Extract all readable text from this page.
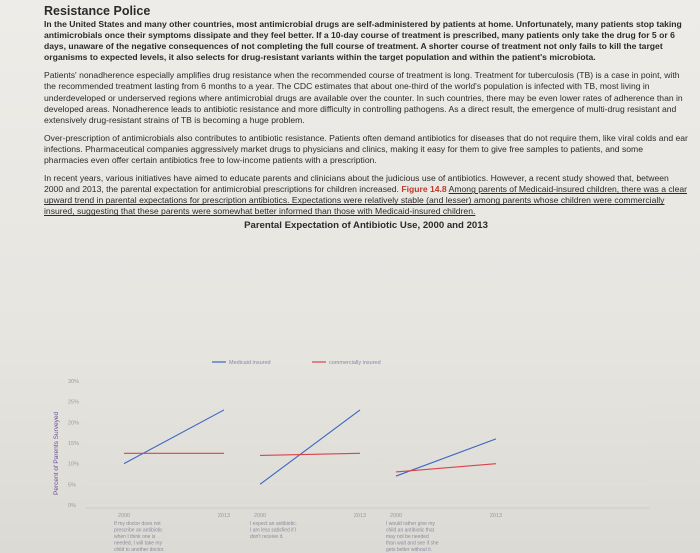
Resistance Police

In the United States and many other countries, most antimicrobial drugs are self-administered by patients at home. Unfortunately, many patients stop taking antimicrobials once their symptoms dissipate and they feel better. If a 10-day course of treatment is prescribed, many patients only take the drug for 5 or 6 days, unaware of the negative consequences of not completing the full course of treatment. A shorter course of treatment not only fails to kill the target organisms to expected levels, it also selects for drug-resistant variants within the target population and within the patient's microbiota.

Patients' nonadherence especially amplifies drug resistance when the recommended course of treatment is long. Treatment for tuberculosis (TB) is a case in point, with the recommended treatment lasting from 6 months to a year. The CDC estimates that about one-third of the world's population is infected with TB, most living in underdeveloped or underserved regions where antimicrobial drugs are available over the counter. In such countries, there may be even lower rates of adherence than in developed areas. Nonadherence leads to antibiotic resistance and more difficulty in controlling pathogens. As a direct result, the emergence of multi-drug resistant and extensively drug-resistant strains of TB is becoming a huge problem.

Over-prescription of antimicrobials also contributes to antibiotic resistance. Patients often demand antibiotics for diseases that do not require them, like viral colds and ear infections. Pharmaceutical companies aggressively market drugs to physicians and clinics, making it easy for them to give free samples to patients, and some pharmacies even offer certain antibiotics free to low-income patients with a prescription.

In recent years, various initiatives have aimed to educate parents and clinicians about the judicious use of antibiotics. However, a recent study showed that, between 2000 and 2013, the parental expectation for antimicrobial prescriptions for children increased. Figure 14.8 Among parents of Medicaid-insured children, there was a clear upward trend in parental expectations for prescription antibiotics. Expectations were relatively stable (and lesser) among parents whose children were commercially insured, suggesting that these parents were somewhat better informed than those with Medicaid-insured children.

Parental Expectation of Antibiotic Use, 2000 and 2013
Medicaid insured	commercially insured
30%
25%
20%
15%
10%
5%
0%
Percent of Parents Surveyed
2000	2013
If my doctor does not
prescribe an antibiotic
when I think one is
needed, I will take my
child to another doctor.
2000	2013
I expect an antibiotic.
I am less satisfied if I
don't receive it.
2000	2013
I would rather give my
child an antibiotic that
may not be needed
than wait and see if she
gets better without it.
